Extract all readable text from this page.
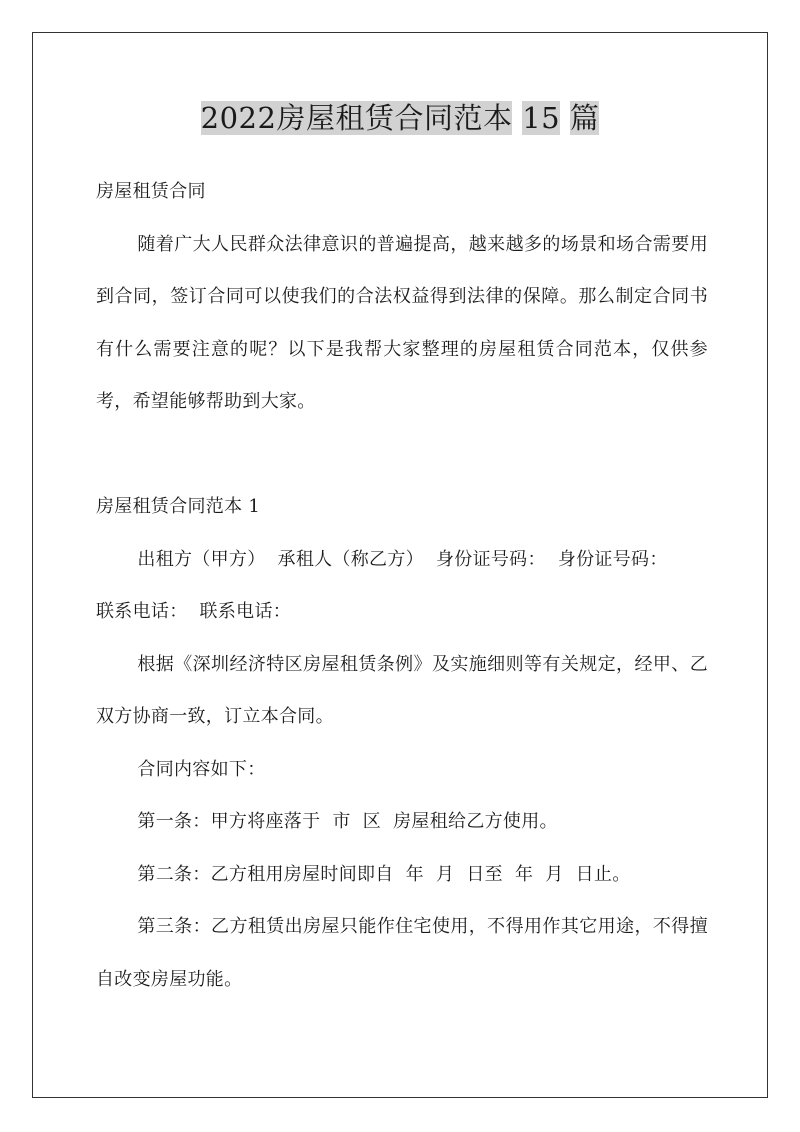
2022房屋租赁合同范本 15 篇

房屋租赁合同

随着广大人民群众法律意识的普遍提高，越来越多的场景和场合需要用到合同，签订合同可以使我们的合法权益得到法律的保障。那么制定合同书有什么需要注意的呢？以下是我帮大家整理的房屋租赁合同范本，仅供参考，希望能够帮助到大家。

房屋租赁合同范本 1

出租方（甲方）  承租人（称乙方）  身份证号码：  身份证号码：

联系电话：  联系电话：

根据《深圳经济特区房屋租赁条例》及实施细则等有关规定，经甲、乙双方协商一致，订立本合同。

合同内容如下：

第一条：甲方将座落于  市  区  房屋租给乙方使用。

第二条：乙方租用房屋时间即自  年  月  日至  年  月  日止。

第三条：乙方租赁出房屋只能作住宅使用，不得用作其它用途，不得擅自改变房屋功能。
